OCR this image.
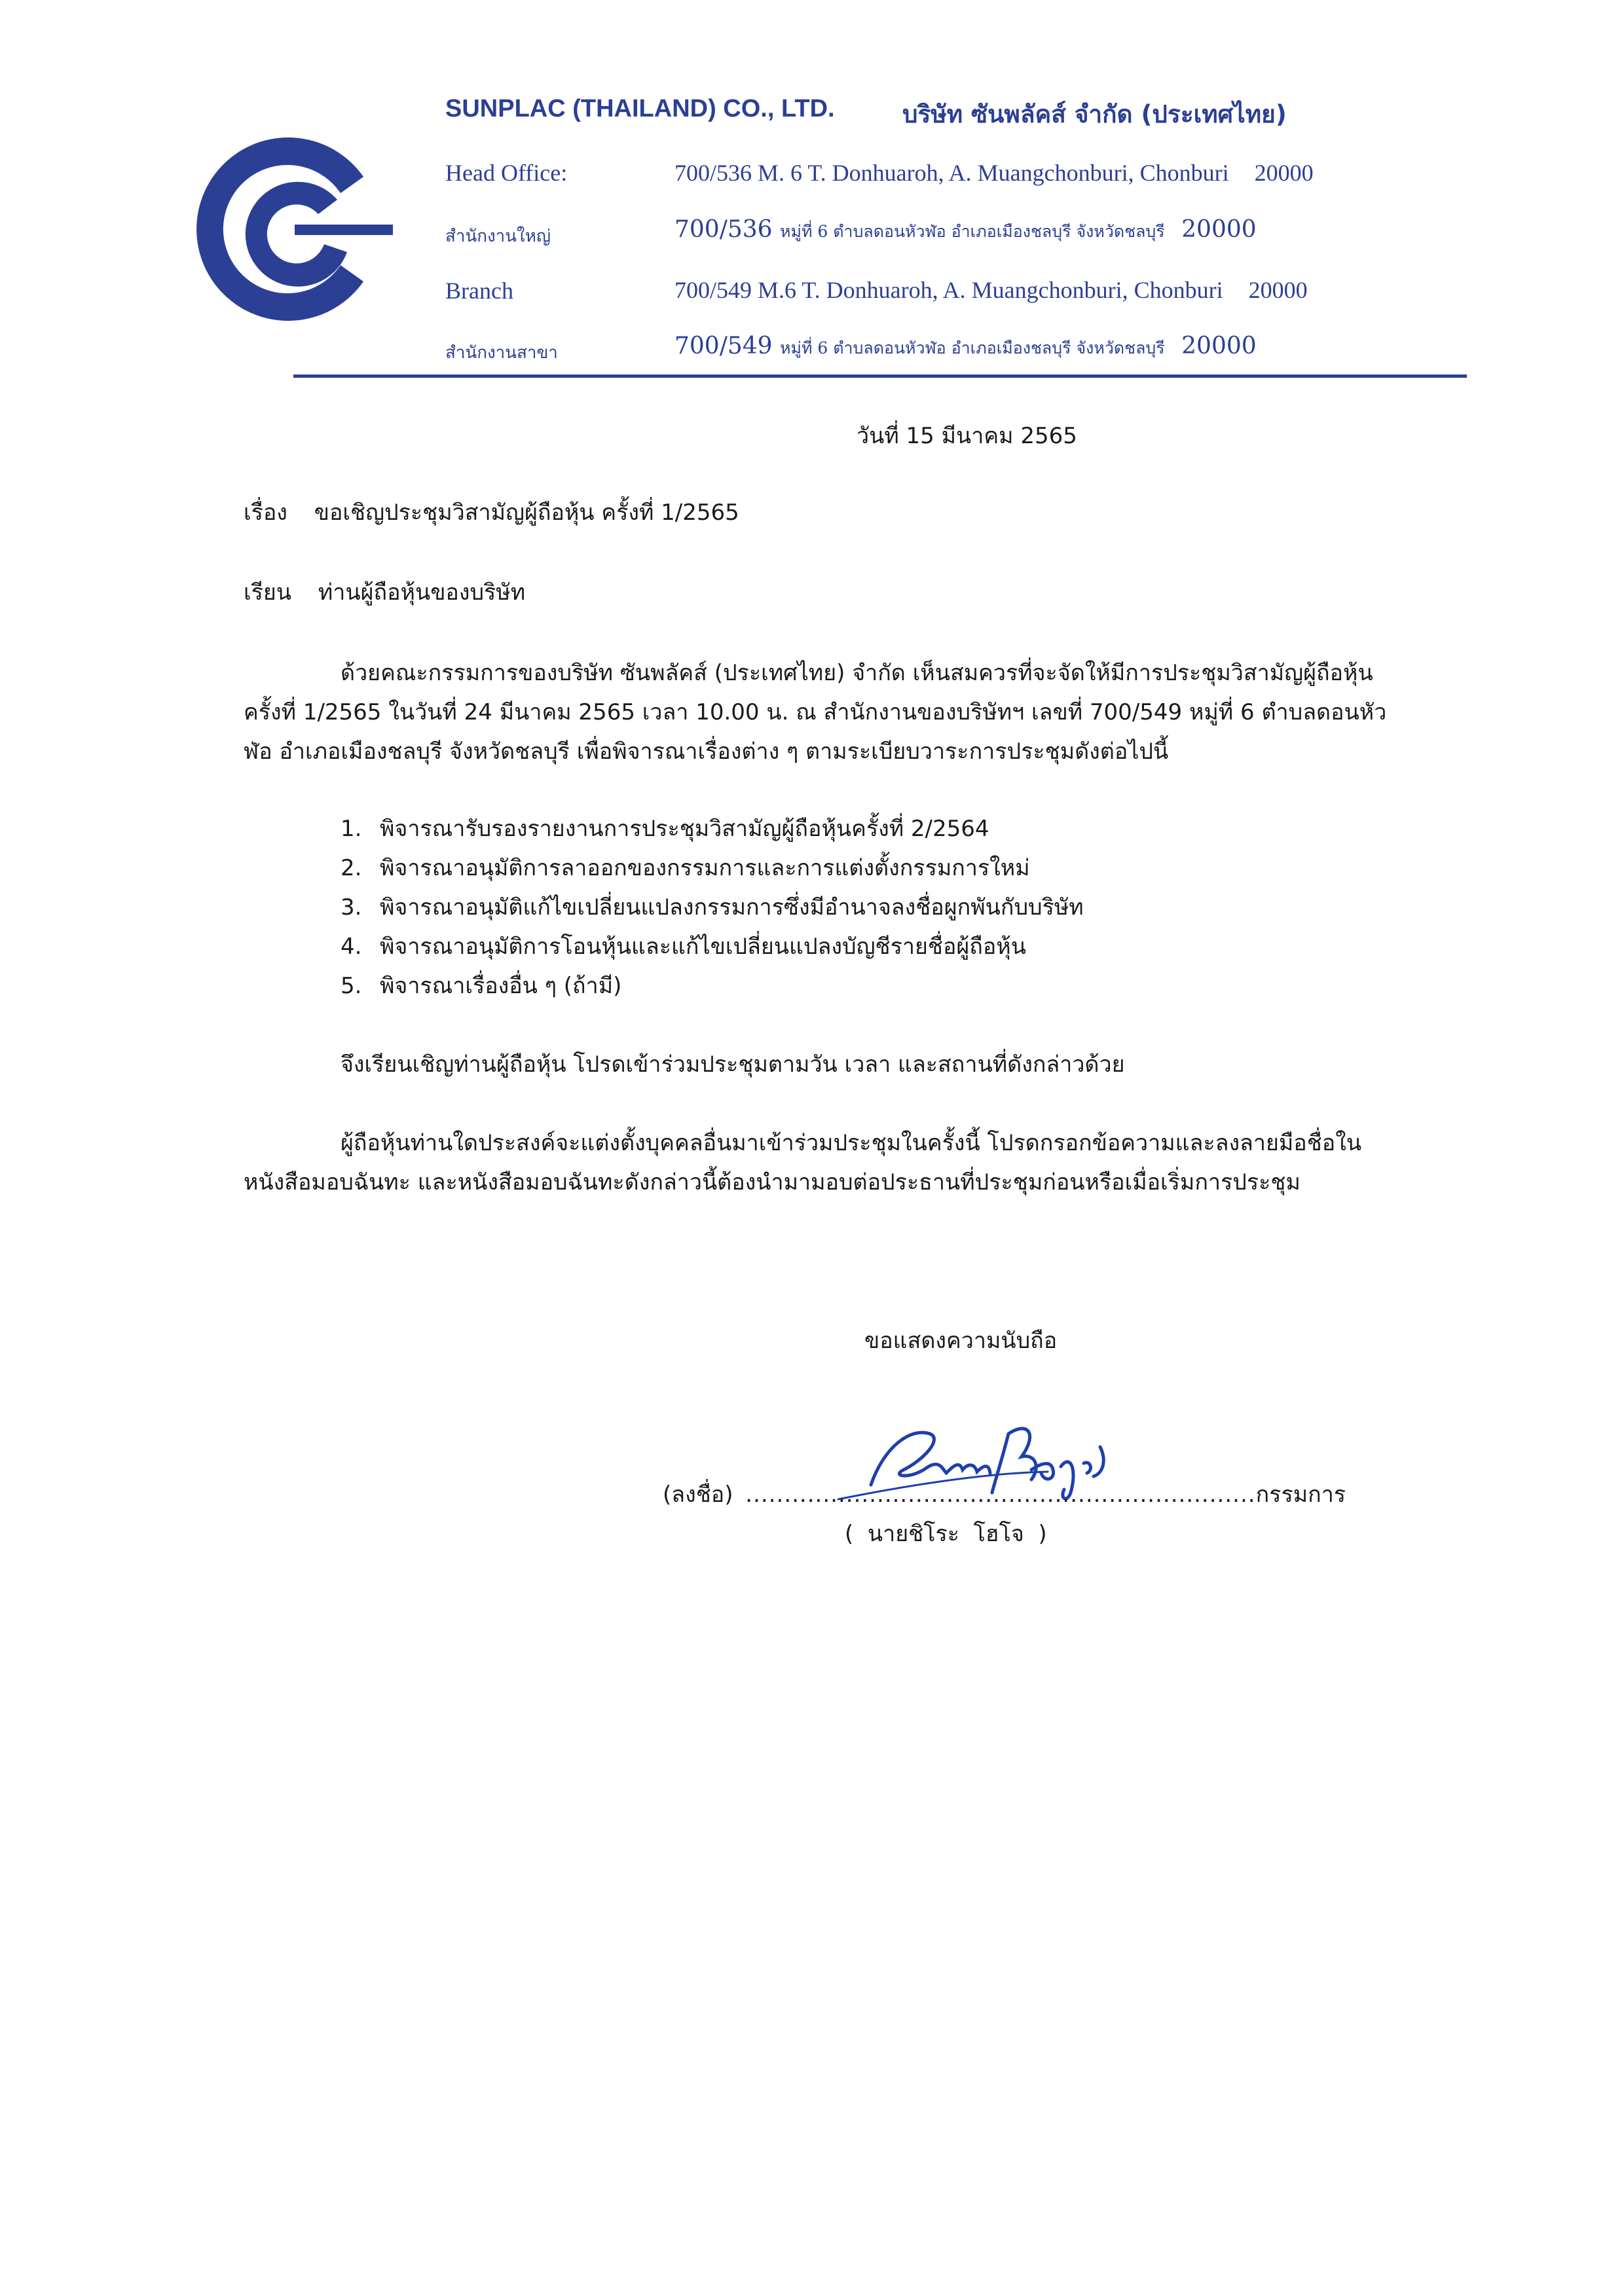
SUNPLAC (THAILAND) CO., LTD.	บริษัท ซันพลัคส์ จำกัด (ประเทศไทย)
Head Office:	700/536 M. 6 T. Donhuaroh, A. Muangchonburi, Chonburi 20000
สำนักงานใหญ่	700/536 หมู่ที่ 6 ตำบลดอนหัวฬ่อ อำเภอเมืองชลบุรี จังหวัดชลบุรี 20000
Branch	700/549 M.6 T. Donhuaroh, A. Muangchonburi, Chonburi 20000
สำนักงานสาขา	700/549 หมู่ที่ 6 ตำบลดอนหัวฬ่อ อำเภอเมืองชลบุรี จังหวัดชลบุรี 20000
วันที่ 15 มีนาคม 2565
เรื่อง ขอเชิญประชุมวิสามัญผู้ถือหุ้น ครั้งที่ 1/2565
เรียน ท่านผู้ถือหุ้นของบริษัท
ด้วยคณะกรรมการของบริษัท ซันพลัคส์ (ประเทศไทย) จำกัด เห็นสมควรที่จะจัดให้มีการประชุมวิสามัญผู้ถือหุ้น
ครั้งที่ 1/2565 ในวันที่ 24 มีนาคม 2565 เวลา 10.00 น. ณ สำนักงานของบริษัทฯ เลขที่ 700/549 หมู่ที่ 6 ตำบลดอนหัว
ฬ่อ อำเภอเมืองชลบุรี จังหวัดชลบุรี เพื่อพิจารณาเรื่องต่าง ๆ ตามระเบียบวาระการประชุมดังต่อไปนี้
1. พิจารณารับรองรายงานการประชุมวิสามัญผู้ถือหุ้นครั้งที่ 2/2564
2. พิจารณาอนุมัติการลาออกของกรรมการและการแต่งตั้งกรรมการใหม่
3. พิจารณาอนุมัติแก้ไขเปลี่ยนแปลงกรรมการซึ่งมีอำนาจลงชื่อผูกพันกับบริษัท
4. พิจารณาอนุมัติการโอนหุ้นและแก้ไขเปลี่ยนแปลงบัญชีรายชื่อผู้ถือหุ้น
5. พิจารณาเรื่องอื่น ๆ (ถ้ามี)
จึงเรียนเชิญท่านผู้ถือหุ้น โปรดเข้าร่วมประชุมตามวัน เวลา และสถานที่ดังกล่าวด้วย
ผู้ถือหุ้นท่านใดประสงค์จะแต่งตั้งบุคคลอื่นมาเข้าร่วมประชุมในครั้งนี้ โปรดกรอกข้อความและลงลายมือชื่อใน
หนังสือมอบฉันทะ และหนังสือมอบฉันทะดังกล่าวนี้ต้องนำมามอบต่อประธานที่ประชุมก่อนหรือเมื่อเริ่มการประชุม
ขอแสดงความนับถือ
(ลงชื่อ) ..................................................................กรรมการ
(  นายชิโระ  โฮโจ  )
